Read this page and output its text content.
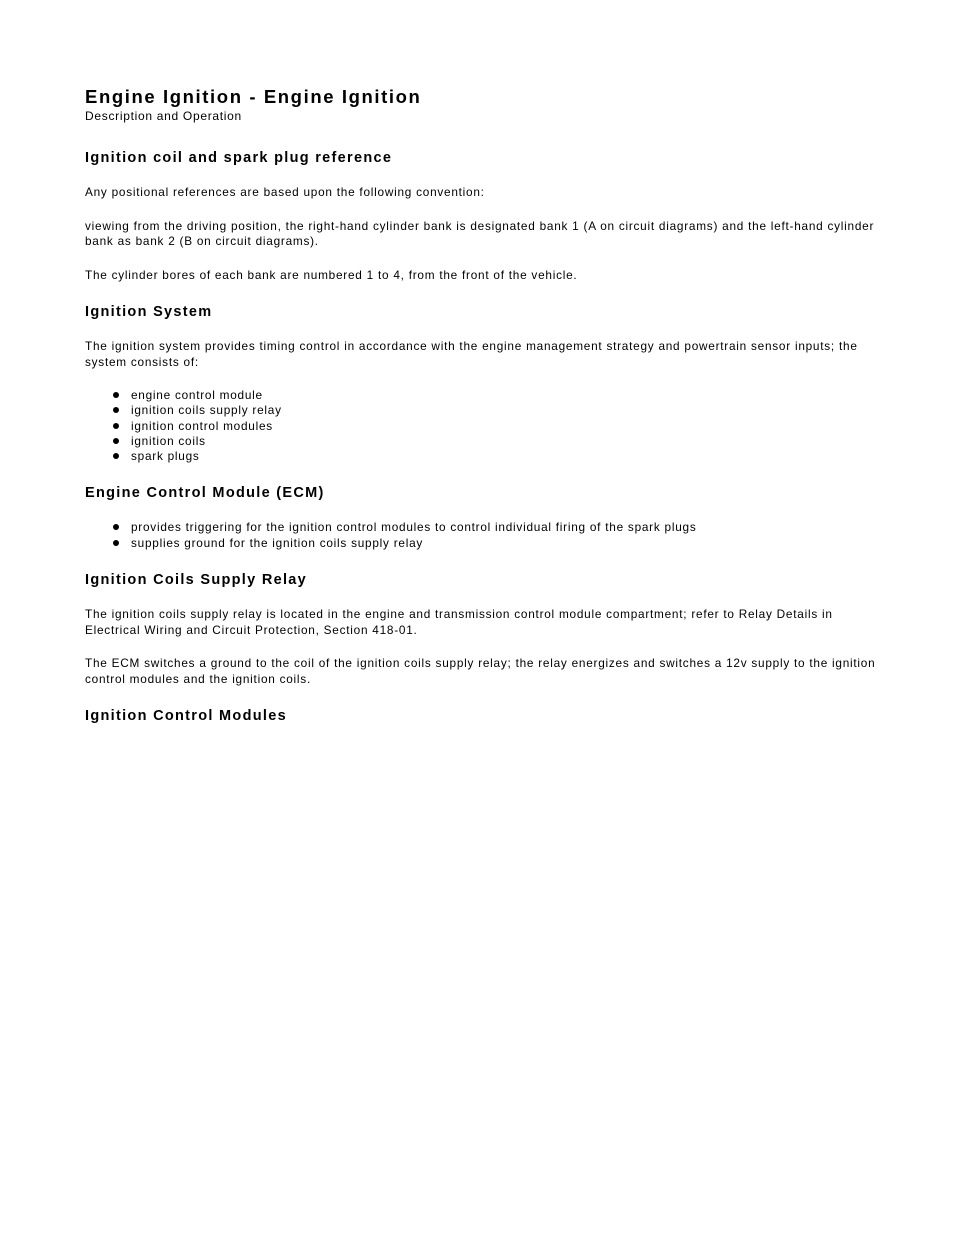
Engine Ignition - Engine Ignition
Description and Operation
Ignition coil and spark plug reference

Any positional references are based upon the following convention:

viewing from the driving position, the right-hand cylinder bank is designated bank 1 (A on circuit diagrams) and the left-hand cylinder bank as bank 2 (B on circuit diagrams).

The cylinder bores of each bank are numbered 1 to 4, from the front of the vehicle.

Ignition System

The ignition system provides timing control in accordance with the engine management strategy and powertrain sensor inputs; the system consists of:

engine control module
ignition coils supply relay
ignition control modules
ignition coils
spark plugs
Engine Control Module (ECM)
provides triggering for the ignition control modules to control individual firing of the spark plugs
supplies ground for the ignition coils supply relay
Ignition Coils Supply Relay

The ignition coils supply relay is located in the engine and transmission control module compartment; refer to Relay Details in Electrical Wiring and Circuit Protection, Section 418-01.

The ECM switches a ground to the coil of the ignition coils supply relay; the relay energizes and switches a 12v supply to the ignition control modules and the ignition coils.

Ignition Control Modules
